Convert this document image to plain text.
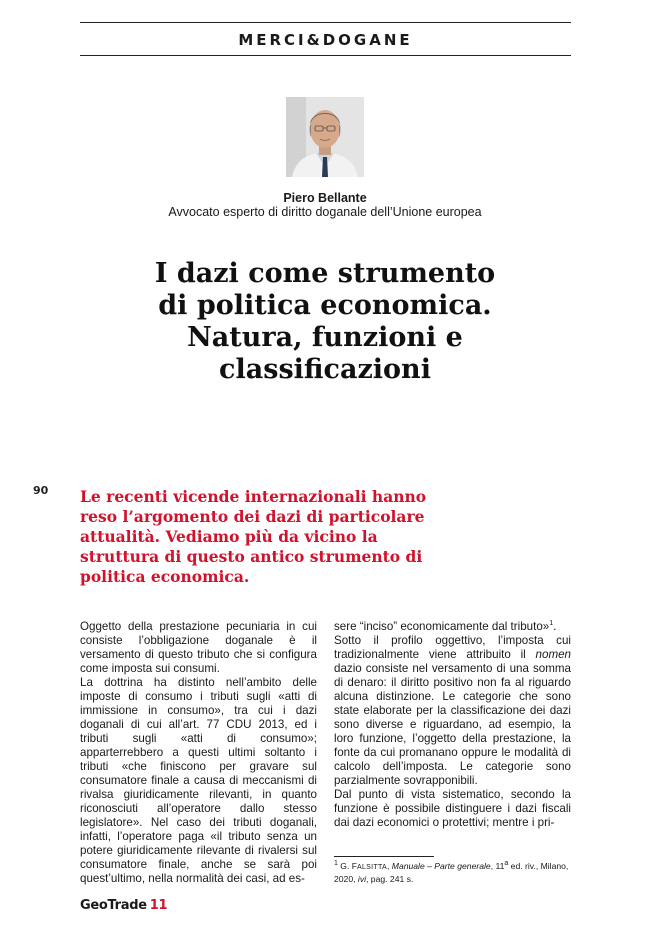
MERCI&DOGANE
Piero Bellante
Avvocato esperto di diritto doganale dell’Unione europea
I dazi come strumento
di politica economica.
Natura, funzioni e
classificazioni
90 Le recenti vicende internazionali hanno reso l’argomento dei dazi di particolare attualità. Vediamo più da vicino la struttura di questo antico strumento di politica economica.

Oggetto della prestazione pecuniaria in cui consiste l’obbligazione doganale è il versamento di questo tributo che si configura come imposta sui consumi.

La dottrina ha distinto nell’ambito delle imposte di consumo i tributi sugli «atti di immissione in consumo», tra cui i dazi doganali di cui all’art. 77 CDU 2013, ed i tributi sugli «atti di consumo»; apparterrebbero a questi ultimi soltanto i tributi «che finiscono per gravare sul consumatore finale a causa di meccanismi di rivalsa giuridicamente rilevanti, in quanto riconosciuti all’operatore dallo stesso legislatore». Nel caso dei tributi doganali, infatti, l’operatore paga «il tributo senza un potere giuridicamente rilevante di rivalersi sul consumatore finale, anche se sarà poi quest’ultimo, nella normalità dei casi, ad es-

sere “inciso” economicamente dal tributo»$^1$.

Sotto il profilo oggettivo, l’imposta cui tradizionalmente viene attribuito il nomen dazio consiste nel versamento di una somma di denaro: il diritto positivo non fa al riguardo alcuna distinzione. Le categorie che sono state elaborate per la classificazione dei dazi sono diverse e riguardano, ad esempio, la loro funzione, l’oggetto della prestazione, la fonte da cui promanano oppure le modalità di calcolo dell’imposta. Le categorie sono parzialmente sovrapponibili.

Dal punto di vista sistematico, secondo la funzione è possibile distinguere i dazi fiscali dai dazi economici o protettivi; mentre i pri-

$^1$ G. FALSITTA, Manuale – Parte generale, 11$^a$ ed. riv., Milano, 2020, ivi, pag. 241 s.
GeoTrade 11
